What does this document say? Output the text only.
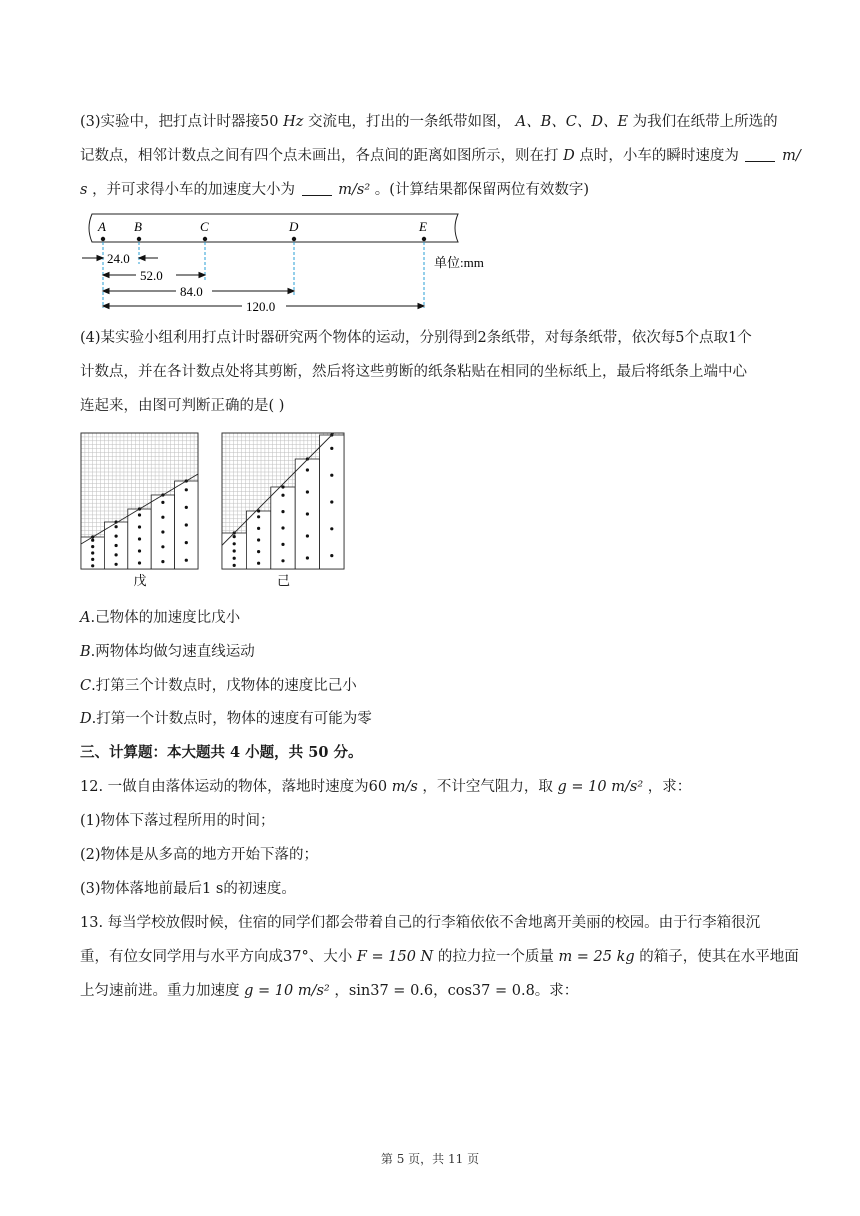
(3)实验中，把打点计时器接50 Hz 交流电，打出的一条纸带如图， A、B、C、D、E 为我们在纸带上所选的

记数点，相邻计数点之间有四个点未画出，各点间的距离如图所示，则在打 D 点时，小车的瞬时速度为	m/

s ，并可求得小车的加速度大小为	m/s² 。(计算结果都保留两位有效数字)

A B	C	D	E
24.0
52.0
84.0
120.0
单位:mm

(4)某实验小组利用打点计时器研究两个物体的运动，分别得到2条纸带，对每条纸带，依次每5个点取1个

计数点，并在各计数点处将其剪断，然后将这些剪断的纸条粘贴在相同的坐标纸上，最后将纸条上端中心

连起来，由图可判断正确的是( )

戊	己

A.己物体的加速度比戊小

B.两物体均做匀速直线运动

C.打第三个计数点时，戊物体的速度比己小

D.打第一个计数点时，物体的速度有可能为零

三、计算题：本大题共 4 小题，共 50 分。

12. 一做自由落体运动的物体，落地时速度为60 m/s ，不计空气阻力，取 g = 10 m/s² ，求：

(1)物体下落过程所用的时间；

(2)物体是从多高的地方开始下落的；

(3)物体落地前最后1 s的初速度。

13. 每当学校放假时候，住宿的同学们都会带着自己的行李箱依依不舍地离开美丽的校园。由于行李箱很沉

重，有位女同学用与水平方向成37°、大小 F = 150 N 的拉力拉一个质量 m = 25 kg 的箱子，使其在水平地面

上匀速前进。重力加速度 g = 10 m/s² ，sin37 = 0.6，cos37 = 0.8。求：

第 5 页，共 11 页
